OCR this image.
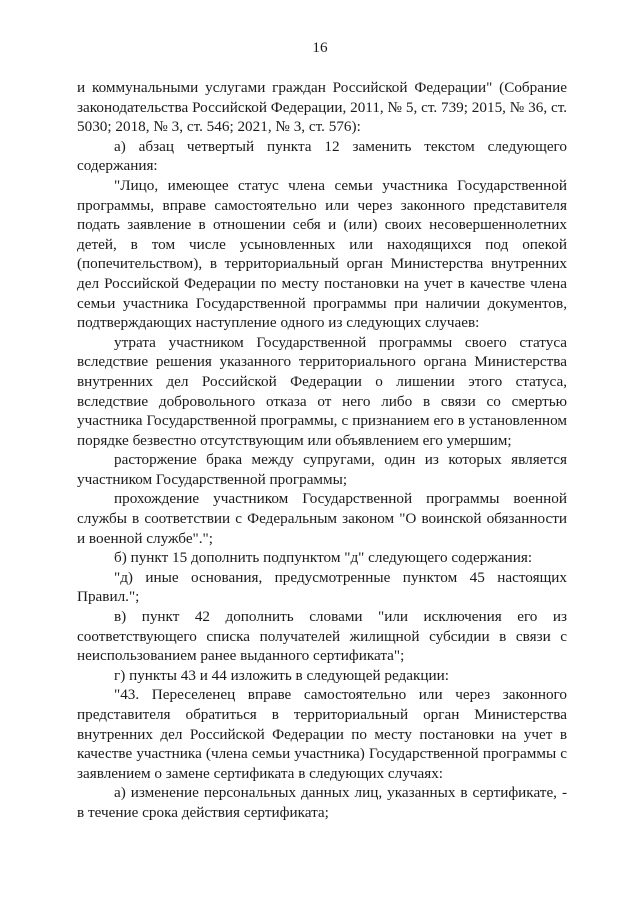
16

и коммунальными услугами граждан Российской Федерации" (Собрание законодательства Российской Федерации, 2011, № 5, ст. 739; 2015, № 36, ст. 5030; 2018, № 3, ст. 546; 2021, № 3, ст. 576):

а) абзац четвертый пункта 12 заменить текстом следующего содержания:

"Лицо, имеющее статус члена семьи участника Государственной программы, вправе самостоятельно или через законного представителя подать заявление в отношении себя и (или) своих несовершеннолетних детей, в том числе усыновленных или находящихся под опекой (попечительством), в территориальный орган Министерства внутренних дел Российской Федерации по месту постановки на учет в качестве члена семьи участника Государственной программы при наличии документов, подтверждающих наступление одного из следующих случаев:

утрата участником Государственной программы своего статуса вследствие решения указанного территориального органа Министерства внутренних дел Российской Федерации о лишении этого статуса, вследствие добровольного отказа от него либо в связи со смертью участника Государственной программы, с признанием его в установленном порядке безвестно отсутствующим или объявлением его умершим;

расторжение брака между супругами, один из которых является участником Государственной программы;

прохождение участником Государственной программы военной службы в соответствии с Федеральным законом "О воинской обязанности и военной службе".";

б) пункт 15 дополнить подпунктом "д" следующего содержания:

"д) иные основания, предусмотренные пунктом 45 настоящих Правил.";

в) пункт 42 дополнить словами "или исключения его из соответствующего списка получателей жилищной субсидии в связи с неиспользованием ранее выданного сертификата";

г) пункты 43 и 44 изложить в следующей редакции:

"43. Переселенец вправе самостоятельно или через законного представителя обратиться в территориальный орган Министерства внутренних дел Российской Федерации по месту постановки на учет в качестве участника (члена семьи участника) Государственной программы с заявлением о замене сертификата в следующих случаях:

а) изменение персональных данных лиц, указанных в сертификате, - в течение срока действия сертификата;
